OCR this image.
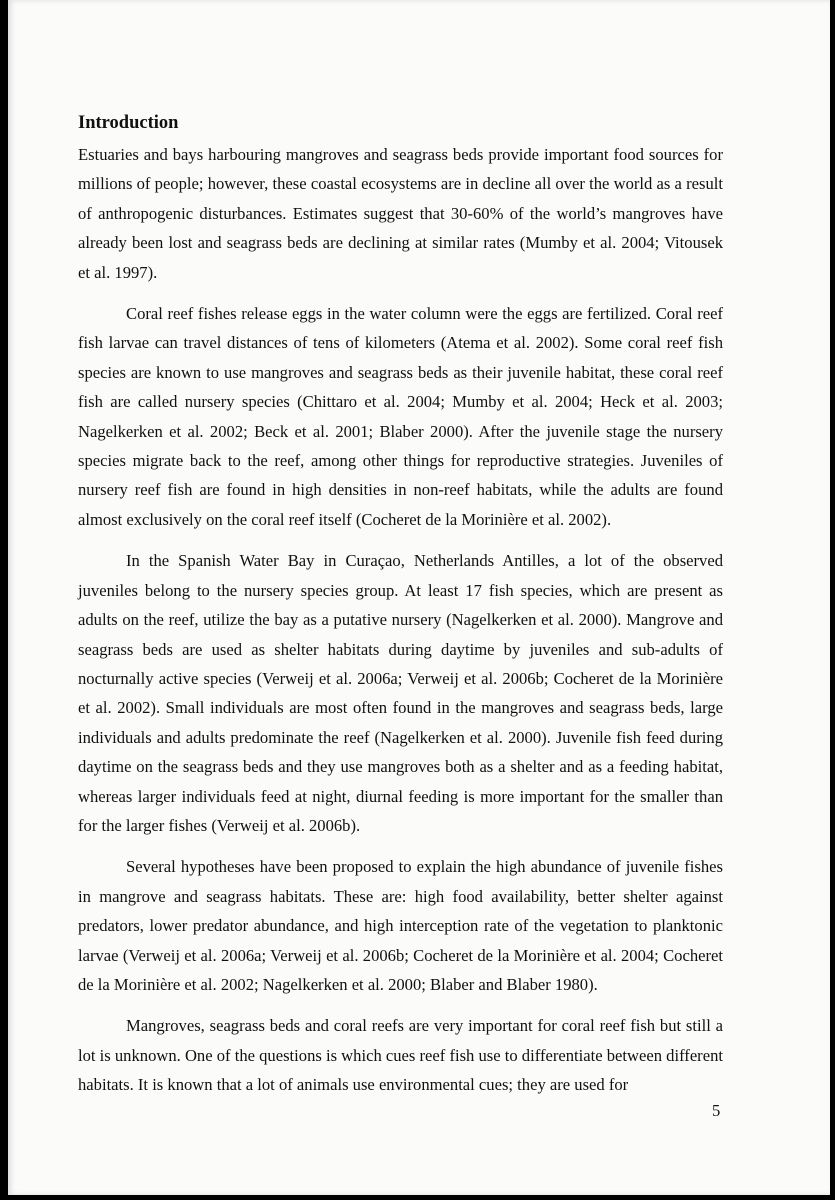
Introduction

Estuaries and bays harbouring mangroves and seagrass beds provide important food sources for millions of people; however, these coastal ecosystems are in decline all over the world as a result of anthropogenic disturbances. Estimates suggest that 30-60% of the world’s mangroves have already been lost and seagrass beds are declining at similar rates (Mumby et al. 2004; Vitousek et al. 1997).

Coral reef fishes release eggs in the water column were the eggs are fertilized. Coral reef fish larvae can travel distances of tens of kilometers (Atema et al. 2002). Some coral reef fish species are known to use mangroves and seagrass beds as their juvenile habitat, these coral reef fish are called nursery species (Chittaro et al. 2004; Mumby et al. 2004; Heck et al. 2003; Nagelkerken et al. 2002; Beck et al. 2001; Blaber 2000). After the juvenile stage the nursery species migrate back to the reef, among other things for reproductive strategies. Juveniles of nursery reef fish are found in high densities in non-reef habitats, while the adults are found almost exclusively on the coral reef itself (Cocheret de la Morinière et al. 2002).

In the Spanish Water Bay in Curaçao, Netherlands Antilles, a lot of the observed juveniles belong to the nursery species group. At least 17 fish species, which are present as adults on the reef, utilize the bay as a putative nursery (Nagelkerken et al. 2000). Mangrove and seagrass beds are used as shelter habitats during daytime by juveniles and sub-adults of nocturnally active species (Verweij et al. 2006a; Verweij et al. 2006b; Cocheret de la Morinière et al. 2002). Small individuals are most often found in the mangroves and seagrass beds, large individuals and adults predominate the reef (Nagelkerken et al. 2000). Juvenile fish feed during daytime on the seagrass beds and they use mangroves both as a shelter and as a feeding habitat, whereas larger individuals feed at night, diurnal feeding is more important for the smaller than for the larger fishes (Verweij et al. 2006b).

Several hypotheses have been proposed to explain the high abundance of juvenile fishes in mangrove and seagrass habitats. These are: high food availability, better shelter against predators, lower predator abundance, and high interception rate of the vegetation to planktonic larvae (Verweij et al. 2006a; Verweij et al. 2006b; Cocheret de la Morinière et al. 2004; Cocheret de la Morinière et al. 2002; Nagelkerken et al. 2000; Blaber and Blaber 1980).

Mangroves, seagrass beds and coral reefs are very important for coral reef fish but still a lot is unknown. One of the questions is which cues reef fish use to differentiate between different habitats. It is known that a lot of animals use environmental cues; they are used for

5
